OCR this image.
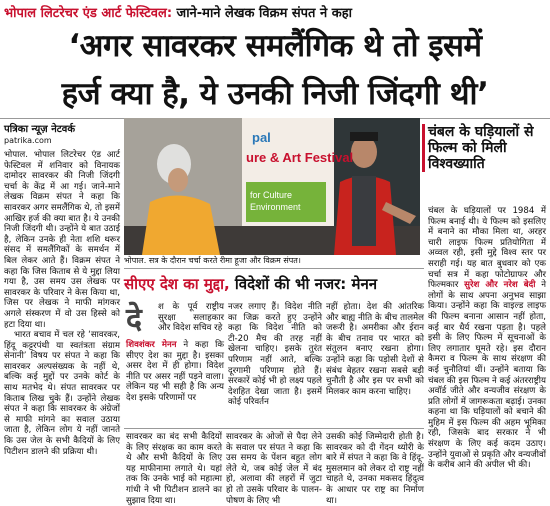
भोपाल लिटरेचर एंड आर्ट फेस्टिवल: जाने-माने लेखक विक्रम संपत ने कहा
‘अगर सावरकर समलैंगिक थे तो इसमें
हर्ज क्या है, ये उनकी निजी जिंदगी थी’
पत्रिका न्यूज़ नेटवर्क
patrika.com

भोपाल. भोपाल लिटरेचर एंड आर्ट फेस्टिवल में शनिवार को विनायक दामोदर सावरकर की निजी जिंदगी चर्चा के केंद्र में आ गई। जाने-माने लेखक विक्रम संपत ने कहा कि सावरकर अगर समलैंगिक थे, तो इसमें आखिर हर्ज की क्या बात है। ये उनकी निजी जिंदगी थी। उन्होंने ये बात उठाई है, लेकिन उनके ही नेता शशि थरूर संसद में समलैंगिकों के समर्थन में बिल लेकर आते हैं। विक्रम संपत ने कहा कि जिस किताब से ये मुद्दा लिया गया है, उस समय उस लेखक पर सावरकर के परिवार ने केस किया था, जिस पर लेखक ने माफी मांगकर अगले संस्करण में वो उस हिस्से को हटा दिया था।

भारत बचाव में चल रहे ‘सावरकर, हिंदू कट्टरपंथी या स्वतंत्रता संग्राम सेनानी’ विषय पर संपत ने कहा कि सावरकर अल्पसंख्यक के नहीं थे, बल्कि कई मुद्दों पर उनके कोर्ट के साथ मतभेद थे। संपत सावरकर पर किताब लिख चुके हैं। उन्होंने लेखक संपत ने कहा कि सावरकर के अंग्रेजों से माफी मांगने का सवाल उठाया जाता है, लेकिन लोग ये नहीं जानते कि उस जेल के सभी कैदियों के लिए पिटीशन डालने की प्रक्रिया थी।

pal
ure & Art Festival
for Culture
Environment
भोपाल. सत्र के दौरान चर्चा करते रीमा हूजा और विक्रम संपत।
चंबल के घड़ियालों से फिल्म को मिली विश्वख्याति

चंबल के घड़ियालों पर 1984 में फिल्म बनाई थी। ये फिल्म को इसलिए में बनाने का मौका मिला था, अरहर चारी लाइफ फिल्म प्रतियोगिता में अव्वल रही, इसी मुद्दे विश्व स्तर पर सराही गई। यह बात बुधवार को एक चर्चा सत्र में कहा फोटोग्राफर और फिल्मकार सुरेश और नरेश बेदी ने लोगों के साथ अपना अनुभव साझा किया। उन्होंने कहा कि वाइल्ड लाइफ की फिल्म बनाना आसान नहीं होता, कई बार धैर्य रखना पड़ता है। पहले इसी के लिए फिल्म में सूचनाओं के लिए लगातार घूमते रहे। इस दौरान कैमरा व फिल्म के साथ संरक्षण की कई चुनौतियां थीं। उन्होंने बताया कि चंबल की इस फिल्म ने कई अंतरराष्ट्रीय अवॉर्ड जीते और वन्यजीव संरक्षण के प्रति लोगों में जागरूकता बढ़ाई। उनका कहना था कि घड़ियालों को बचाने की मुहिम में इस फिल्म की अहम भूमिका रही, जिसके बाद सरकार ने भी संरक्षण के लिए कई कदम उठाए। उन्होंने युवाओं से प्रकृति और वन्यजीवों के करीब आने की अपील भी की।

सीएए देश का मुद्दा, विदेशों की भी नजर: मेनन
दे श के पूर्व राष्ट्रीय सुरक्षा सलाहकार और विदेश सचिव रहे

शिवशंकर मेनन ने कहा कि सीएए देश का मुद्दा है। इसका असर देश में ही होगा। विदेश नीति पर असर नहीं पड़ने वाला। लेकिन यह भी सही है कि अन्य देश इसके परिणामों पर

नजर लगाए हैं। विदेश नीति का जिक्र करते हुए उन्होंने कहा कि विदेश नीति को टी-20 मैच की तरह नहीं खेलना चाहिए। इसके तुरंत परिणाम नहीं आते, बल्कि दूरगामी परिणाम होते हैं। सरकारें कोई भी हो लक्ष्य पहले देशहित देखा जाता है। इसमें कोई परिवर्तन
नहीं होता। देश की आंतरिक और बाह्य नीति के बीच तालमेल जरूरी है। अमरीका और ईरान के बीच तनाव पर भारत को संतुलन बनाए रखना होगा। उन्होंने कहा कि पड़ोसी देशों से संबंध बेहतर रखना सबसे बड़ी चुनौती है और इस पर सभी को मिलकर काम करना चाहिए।
सावरकर का बंद सभी कैदियों के लिए संरक्षक का काम करते थे और सभी कैदियों के लिए यह माफीनामा लगाते थे। यहां तक कि उनके भाई को महात्मा गांधी ने भी पिटीशन डालने का सुझाव दिया था।
सावरकर के ओजों से पैदा लेने के सवाल पर संपत ने कहा कि उस समय के पेंशन बहुत लोग लेते थे, जब कोई जेल में बंद हो, अलावा की लहरों में जुटा हो तो उसके परिवार के पालन-पोषण के लिए भी
उसकी कोई जिम्मेदारी होती है। सावरकर को दी गेंदन थ्योरी के बारे में संपत ने कहा कि वे हिंदू-मुसलमान को लेकर दो राष्ट्र नहीं चाहते थे, उनका मकसद हिंदुत्व के आधार पर राष्ट्र का निर्माण था।
